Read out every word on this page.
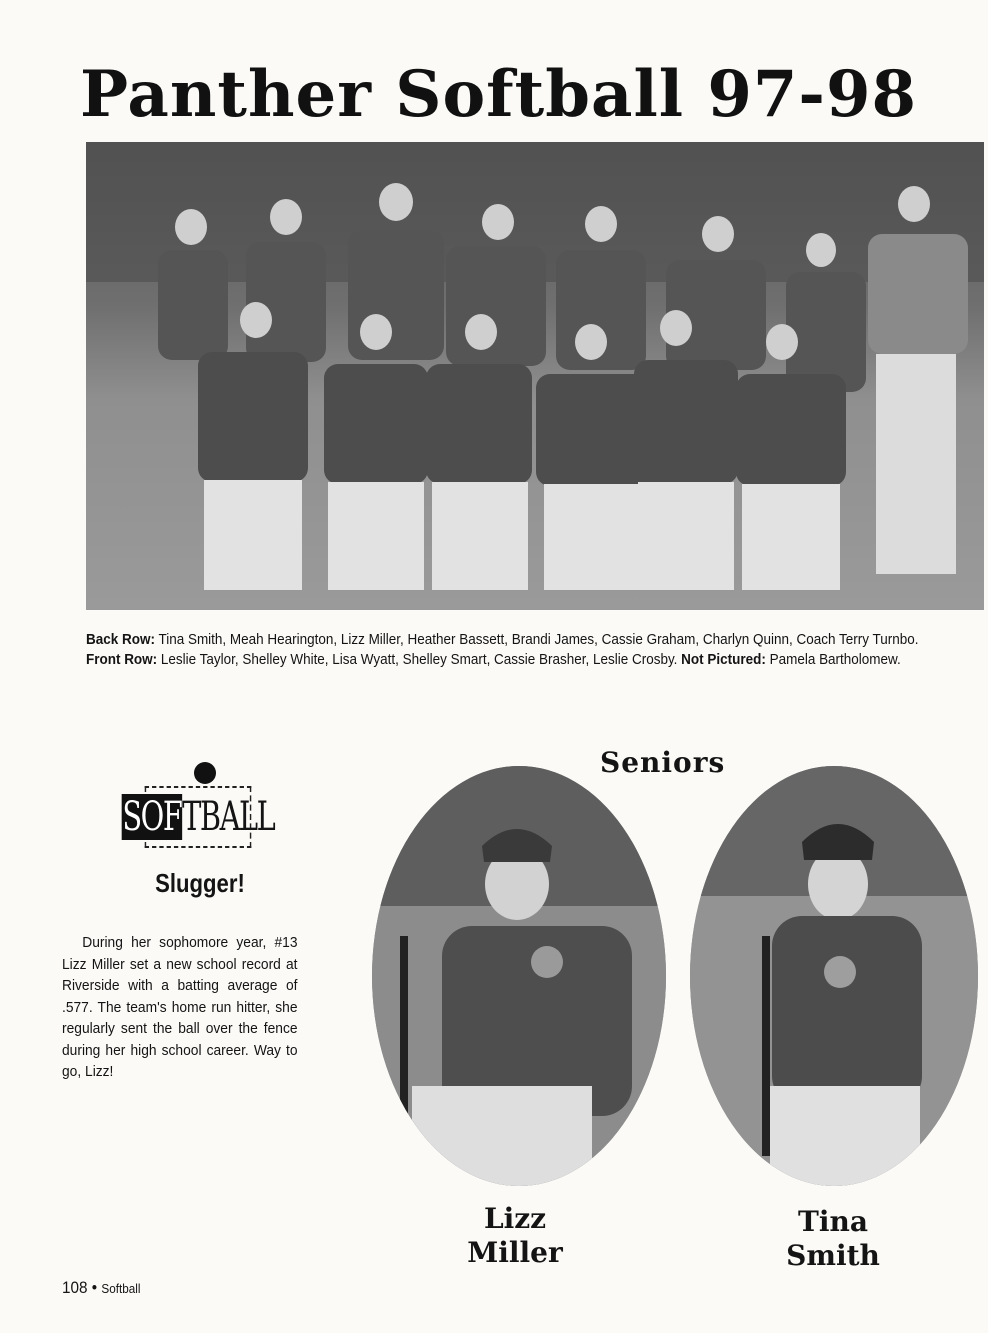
Panther Softball 97-98
Back Row: Tina Smith, Meah Hearington, Lizz Miller, Heather Bassett, Brandi James, Cassie Graham, Charlyn Quinn, Coach Terry Turnbo. Front Row: Leslie Taylor, Shelley White, Lisa Wyatt, Shelley Smart, Cassie Brasher, Leslie Crosby. Not Pictured: Pamela Bartholomew.
SOF TBALL
Slugger!
During her sophomore year, #13 Lizz Miller set a new school record at Riverside with a batting average of .577. The team's home run hitter, she regularly sent the ball over the fence during her high school career. Way to go, Lizz!
Seniors
Lizz
Miller
Tina
Smith
108 • Softball
